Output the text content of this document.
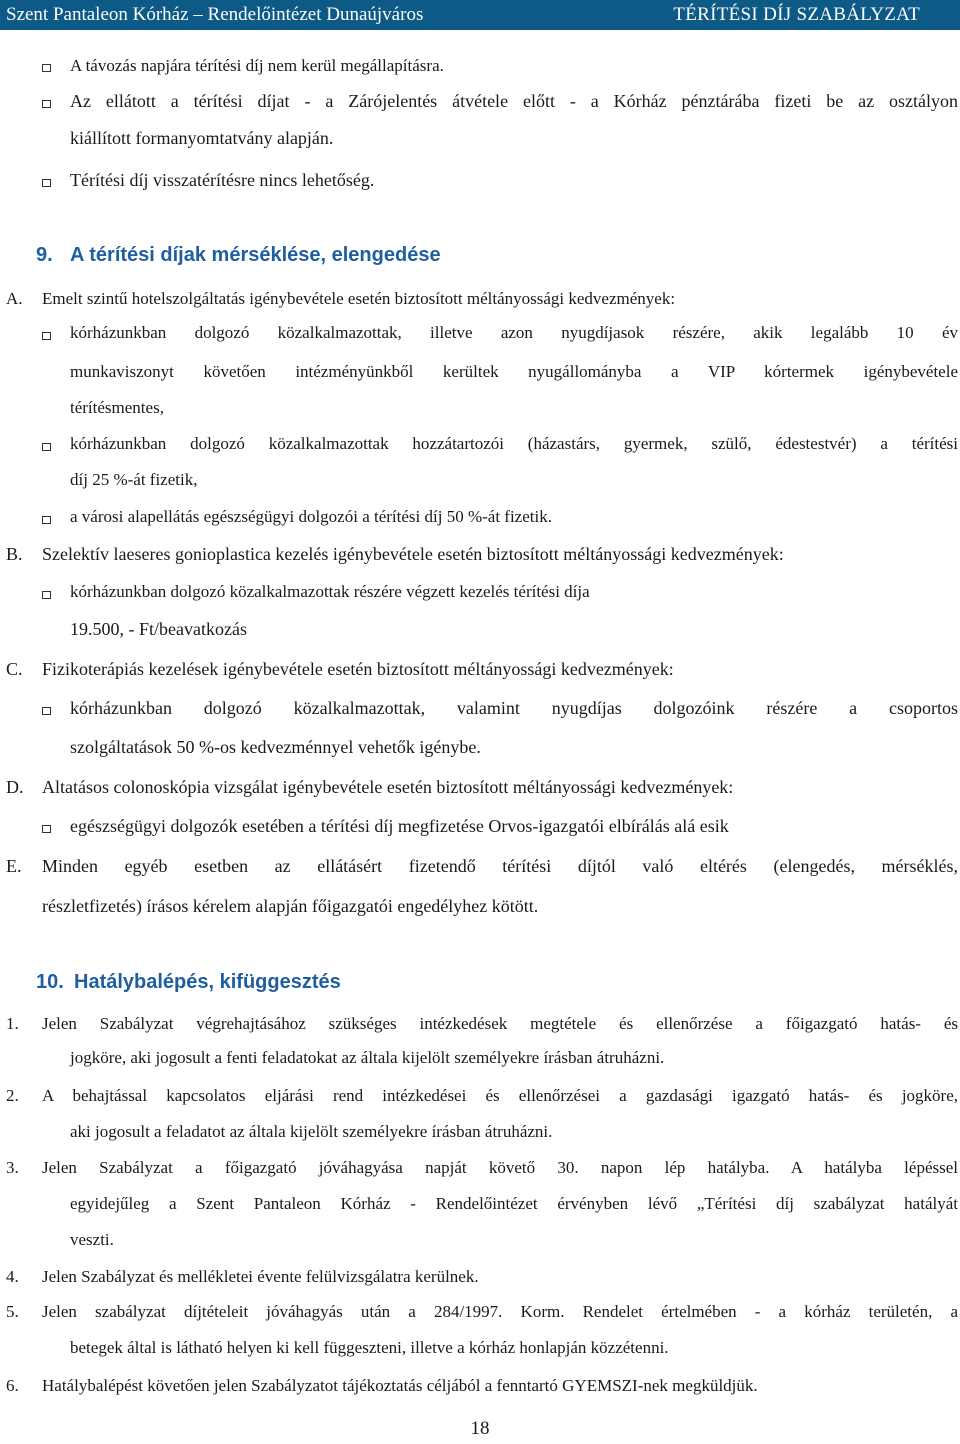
Szent Pantaleon Kórház – Rendelőintézet Dunaújváros	TÉRÍTÉSI DÍJ SZABÁLYZAT
A távozás napjára térítési díj nem kerül megállapításra.
Az ellátott a térítési díjat - a Zárójelentés átvétele előtt - a Kórház pénztárába fizeti be az osztályon
kiállított formanyomtatvány alapján.
Térítési díj visszatérítésre nincs lehetőség.
9. A térítési díjak mérséklése, elengedése
A. Emelt szintű hotelszolgáltatás igénybevétele esetén biztosított méltányossági kedvezmények:
kórházunkban dolgozó közalkalmazottak, illetve azon nyugdíjasok részére, akik legalább 10 év
munkaviszonyt követően intézményünkből kerültek nyugállományba a VIP kórtermek igénybevétele
térítésmentes,
kórházunkban dolgozó közalkalmazottak hozzátartozói (házastárs, gyermek, szülő, édestestvér) a térítési
díj 25 %-át fizetik,
a városi alapellátás egészségügyi dolgozói a térítési díj 50 %-át fizetik.
B. Szelektív laeseres gonioplastica kezelés igénybevétele esetén biztosított méltányossági kedvezmények:
kórházunkban dolgozó közalkalmazottak részére végzett kezelés térítési díja
19.500, - Ft/beavatkozás
C. Fizikoterápiás kezelések igénybevétele esetén biztosított méltányossági kedvezmények:
kórházunkban dolgozó közalkalmazottak, valamint nyugdíjas dolgozóink részére a csoportos
szolgáltatások 50 %-os kedvezménnyel vehetők igénybe.
D. Altatásos colonoskópia vizsgálat igénybevétele esetén biztosított méltányossági kedvezmények:
egészségügyi dolgozók esetében a térítési díj megfizetése Orvos-igazgatói elbírálás alá esik
E. Minden egyéb esetben az ellátásért fizetendő térítési díjtól való eltérés (elengedés, mérséklés,
részletfizetés) írásos kérelem alapján főigazgatói engedélyhez kötött.
10. Hatálybalépés, kifüggesztés
1. Jelen Szabályzat végrehajtásához szükséges intézkedések megtétele és ellenőrzése a főigazgató hatás- és
jogköre, aki jogosult a fenti feladatokat az általa kijelölt személyekre írásban átruházni.
2. A behajtással kapcsolatos eljárási rend intézkedései és ellenőrzései a gazdasági igazgató hatás- és jogköre,
aki jogosult a feladatot az általa kijelölt személyekre írásban átruházni.
3. Jelen Szabályzat a főigazgató jóváhagyása napját követő 30. napon lép hatályba. A hatályba lépéssel
egyidejűleg a Szent Pantaleon Kórház - Rendelőintézet érvényben lévő „Térítési díj szabályzat hatályát
veszti.
4. Jelen Szabályzat és mellékletei évente felülvizsgálatra kerülnek.
5. Jelen szabályzat díjtételeit jóváhagyás után a 284/1997. Korm. Rendelet értelmében - a kórház területén, a
betegek által is látható helyen ki kell függeszteni, illetve a kórház honlapján közzétenni.
6. Hatálybalépést követően jelen Szabályzatot tájékoztatás céljából a fenntartó GYEMSZI-nek megküldjük.
18
